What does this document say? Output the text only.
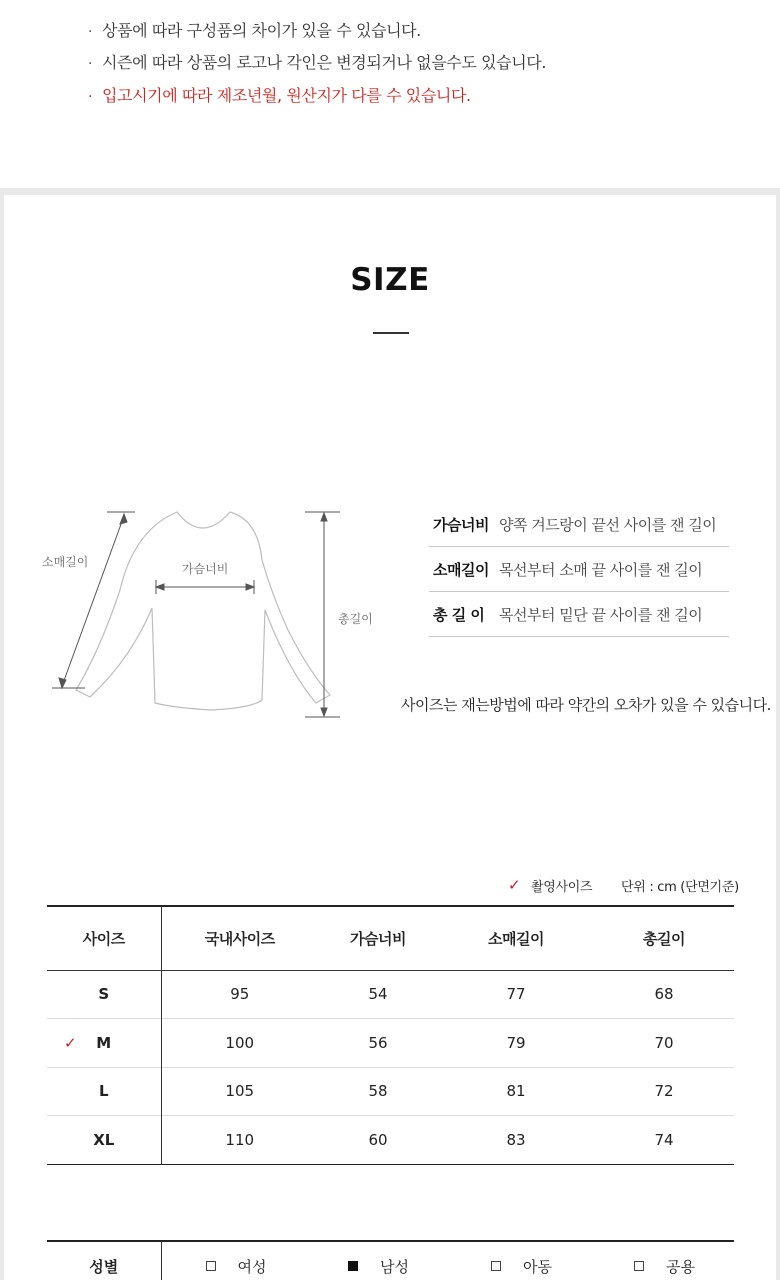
· 상품에 따라 구성품의 차이가 있을 수 있습니다.
· 시즌에 따라 상품의 로고나 각인은 변경되거나 없을수도 있습니다.
· 입고시기에 따라 제조년월, 원산지가 다를 수 있습니다.
SIZE
소매길이	가슴너비
총길이
가슴너비 양쪽 겨드랑이 끝선 사이를 잰 길이
소매길이 목선부터 소매 끝 사이를 잰 길이
총 길 이 목선부터 밑단 끝 사이를 잰 길이
사이즈는 재는방법에 따라 약간의 오차가 있을 수 있습니다.
✓ 촬영사이즈 단위 : cm (단면기준)
사이즈	국내사이즈	가슴너비	소매길이	총길이
S	95	54	77	68

✓ M	100	56	79	70
L	105	58	81	72
XL	110	60	83	74
성별	여성	남성	아동	공용
